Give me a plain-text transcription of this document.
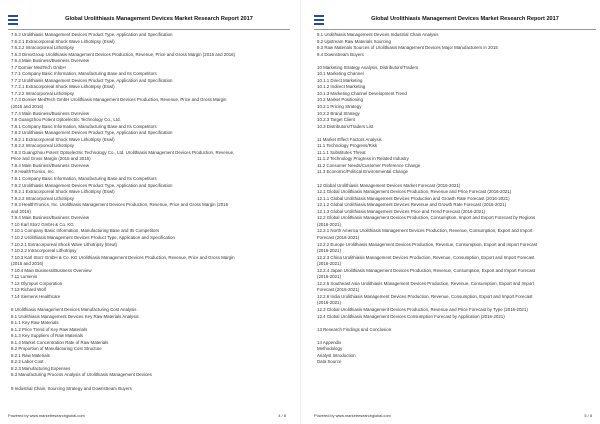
Global Urolithiasis Management Devices Market Research Report 2017
7.6.2 Urolithiasis Management Devices Product Type, Application and Specification
7.6.2.1 Extracorporeal Shock Wave Lithotripsy (Eswl)
7.6.2.2 Intracorporeal Lithotripsy
7.6.3 DirexGroup Urolithiasis Management Devices Production, Revenue, Price and Gross Margin (2015 and 2016)
7.6.4 Main Business/Business Overview
7.7 Dornier MedTech GmbH
7.7.1 Company Basic Information, Manufacturing Base and Its Competitors
7.7.2 Urolithiasis Management Devices Product Type, Application and Specification
7.7.2.1 Extracorporeal Shock Wave Lithotripsy (Eswl)
7.7.2.2 Intracorporeal Lithotripsy
7.7.3 Dornier MedTech GmbH Urolithiasis Management Devices Production, Revenue, Price and Gross Margin
(2015 and 2016)
7.7.4 Main Business/Business Overview
7.8 Guangzhou Potent Optoelectric Technology Co., Ltd.
7.8.1 Company Basic Information, Manufacturing Base and Its Competitors
7.8.2 Urolithiasis Management Devices Product Type, Application and Specification
7.8.2.1 Extracorporeal Shock Wave Lithotripsy (Eswl)
7.8.2.2 Intracorporeal Lithotripsy
7.8.3 Guangzhou Potent Optoelectric Technology Co., Ltd. Urolithiasis Management Devices Production, Revenue,
Price and Gross Margin (2015 and 2016)
7.8.4 Main Business/Business Overview
7.9 HealthTronics, Inc.
7.9.1 Company Basic Information, Manufacturing Base and Its Competitors
7.9.2 Urolithiasis Management Devices Product Type, Application and Specification
7.9.2.1 Extracorporeal Shock Wave Lithotripsy (Eswl)
7.9.2.2 Intracorporeal Lithotripsy
7.9.3 HealthTronics, Inc. Urolithiasis Management Devices Production, Revenue, Price and Gross Margin (2015
and 2016)
7.9.4 Main Business/Business Overview
7.10 Karl Storz GmbH & Co. KG
7.10.1 Company Basic Information, Manufacturing Base and Its Competitors
7.10.2 Urolithiasis Management Devices Product Type, Application and Specification
7.10.2.1 Extracorporeal Shock Wave Lithotripsy (Eswl)
7.10.2.2 Intracorporeal Lithotripsy
7.10.3 Karl Storz GmbH & Co. KG Urolithiasis Management Devices Production, Revenue, Price and Gross Margin
(2015 and 2016)
7.10.4 Main Business/Business Overview
7.11 Lumenis
7.12 Olympus Corporation
7.13 Richard Wolf
7.14 Siemens Healthcare
8 Urolithiasis Management Devices Manufacturing Cost Analysis
8.1 Urolithiasis Management Devices Key Raw Materials Analysis
8.1.1 Key Raw Materials
8.1.2 Price Trend of Key Raw Materials
8.1.3 Key Suppliers of Raw Materials
8.1.4 Market Concentration Rate of Raw Materials
8.2 Proportion of Manufacturing Cost Structure
8.2.1 Raw Materials
8.2.2 Labor Cost
8.2.3 Manufacturing Expenses
8.3 Manufacturing Process Analysis of Urolithiasis Management Devices
9 Industrial Chain, Sourcing Strategy and Downstream Buyers
Powered by www.marketresearchglobal.com	4 / 8
Global Urolithiasis Management Devices Market Research Report 2017
9.1 Urolithiasis Management Devices Industrial Chain Analysis
9.2 Upstream Raw Materials Sourcing
9.3 Raw Materials Sources of Urolithiasis Management Devices Major Manufacturers in 2015
9.4 Downstream Buyers
10 Marketing Strategy Analysis, Distributors/Traders
10.1 Marketing Channel
10.1.1 Direct Marketing
10.1.2 Indirect Marketing
10.1.3 Marketing Channel Development Trend
10.2 Market Positioning
10.2.1 Pricing Strategy
10.2.2 Brand Strategy
10.2.3 Target Client
10.3 Distributors/Traders List
11 Market Effect Factors Analysis
11.1 Technology Progress/Risk
11.1.1 Substitutes Threat
11.1.2 Technology Progress in Related Industry
11.2 Consumer Needs/Customer Preference Change
11.3 Economic/Political Environmental Change
12 Global Urolithiasis Management Devices Market Forecast (2016-2021)
12.1 Global Urolithiasis Management Devices Production, Revenue and Price Forecast (2016-2021)
12.1.1 Global Urolithiasis Management Devices Production and Growth Rate Forecast (2016-2021)
12.1.2 Global Urolithiasis Management Devices Revenue and Growth Rate Forecast (2016-2021)
12.1.3 Global Urolithiasis Management Devices Price and Trend Forecast (2016-2021)
12.2 Global Urolithiasis Management Devices Production, Consumption, Import and Export Forecast by Regions
(2016-2021)
12.2.1 North America Urolithiasis Management Devices Production, Revenue, Consumption, Export and Import
Forecast (2016-2021)
12.2.2 Europe Urolithiasis Management Devices Production, Revenue, Consumption, Export and Import Forecast
(2016-2021)
12.2.3 China Urolithiasis Management Devices Production, Revenue, Consumption, Export and Import Forecast
(2016-2021)
12.2.4 Japan Urolithiasis Management Devices Production, Revenue, Consumption, Export and Import Forecast
(2016-2021)
12.2.5 Southeast Asia Urolithiasis Management Devices Production, Revenue, Consumption, Export and Import
Forecast (2016-2021)
12.2.6 India Urolithiasis Management Devices Production, Revenue, Consumption, Export and Import Forecast
(2016-2021)
12.3 Global Urolithiasis Management Devices Production, Revenue and Price Forecast by Type (2016-2021)
12.4 Global Urolithiasis Management Devices Consumption Forecast by Application (2016-2021)
13 Research Findings and Conclusion
14 Appendix
Methodology
Analyst Introduction
Data Source
Powered by www.marketresearchglobal.com	5 / 8
